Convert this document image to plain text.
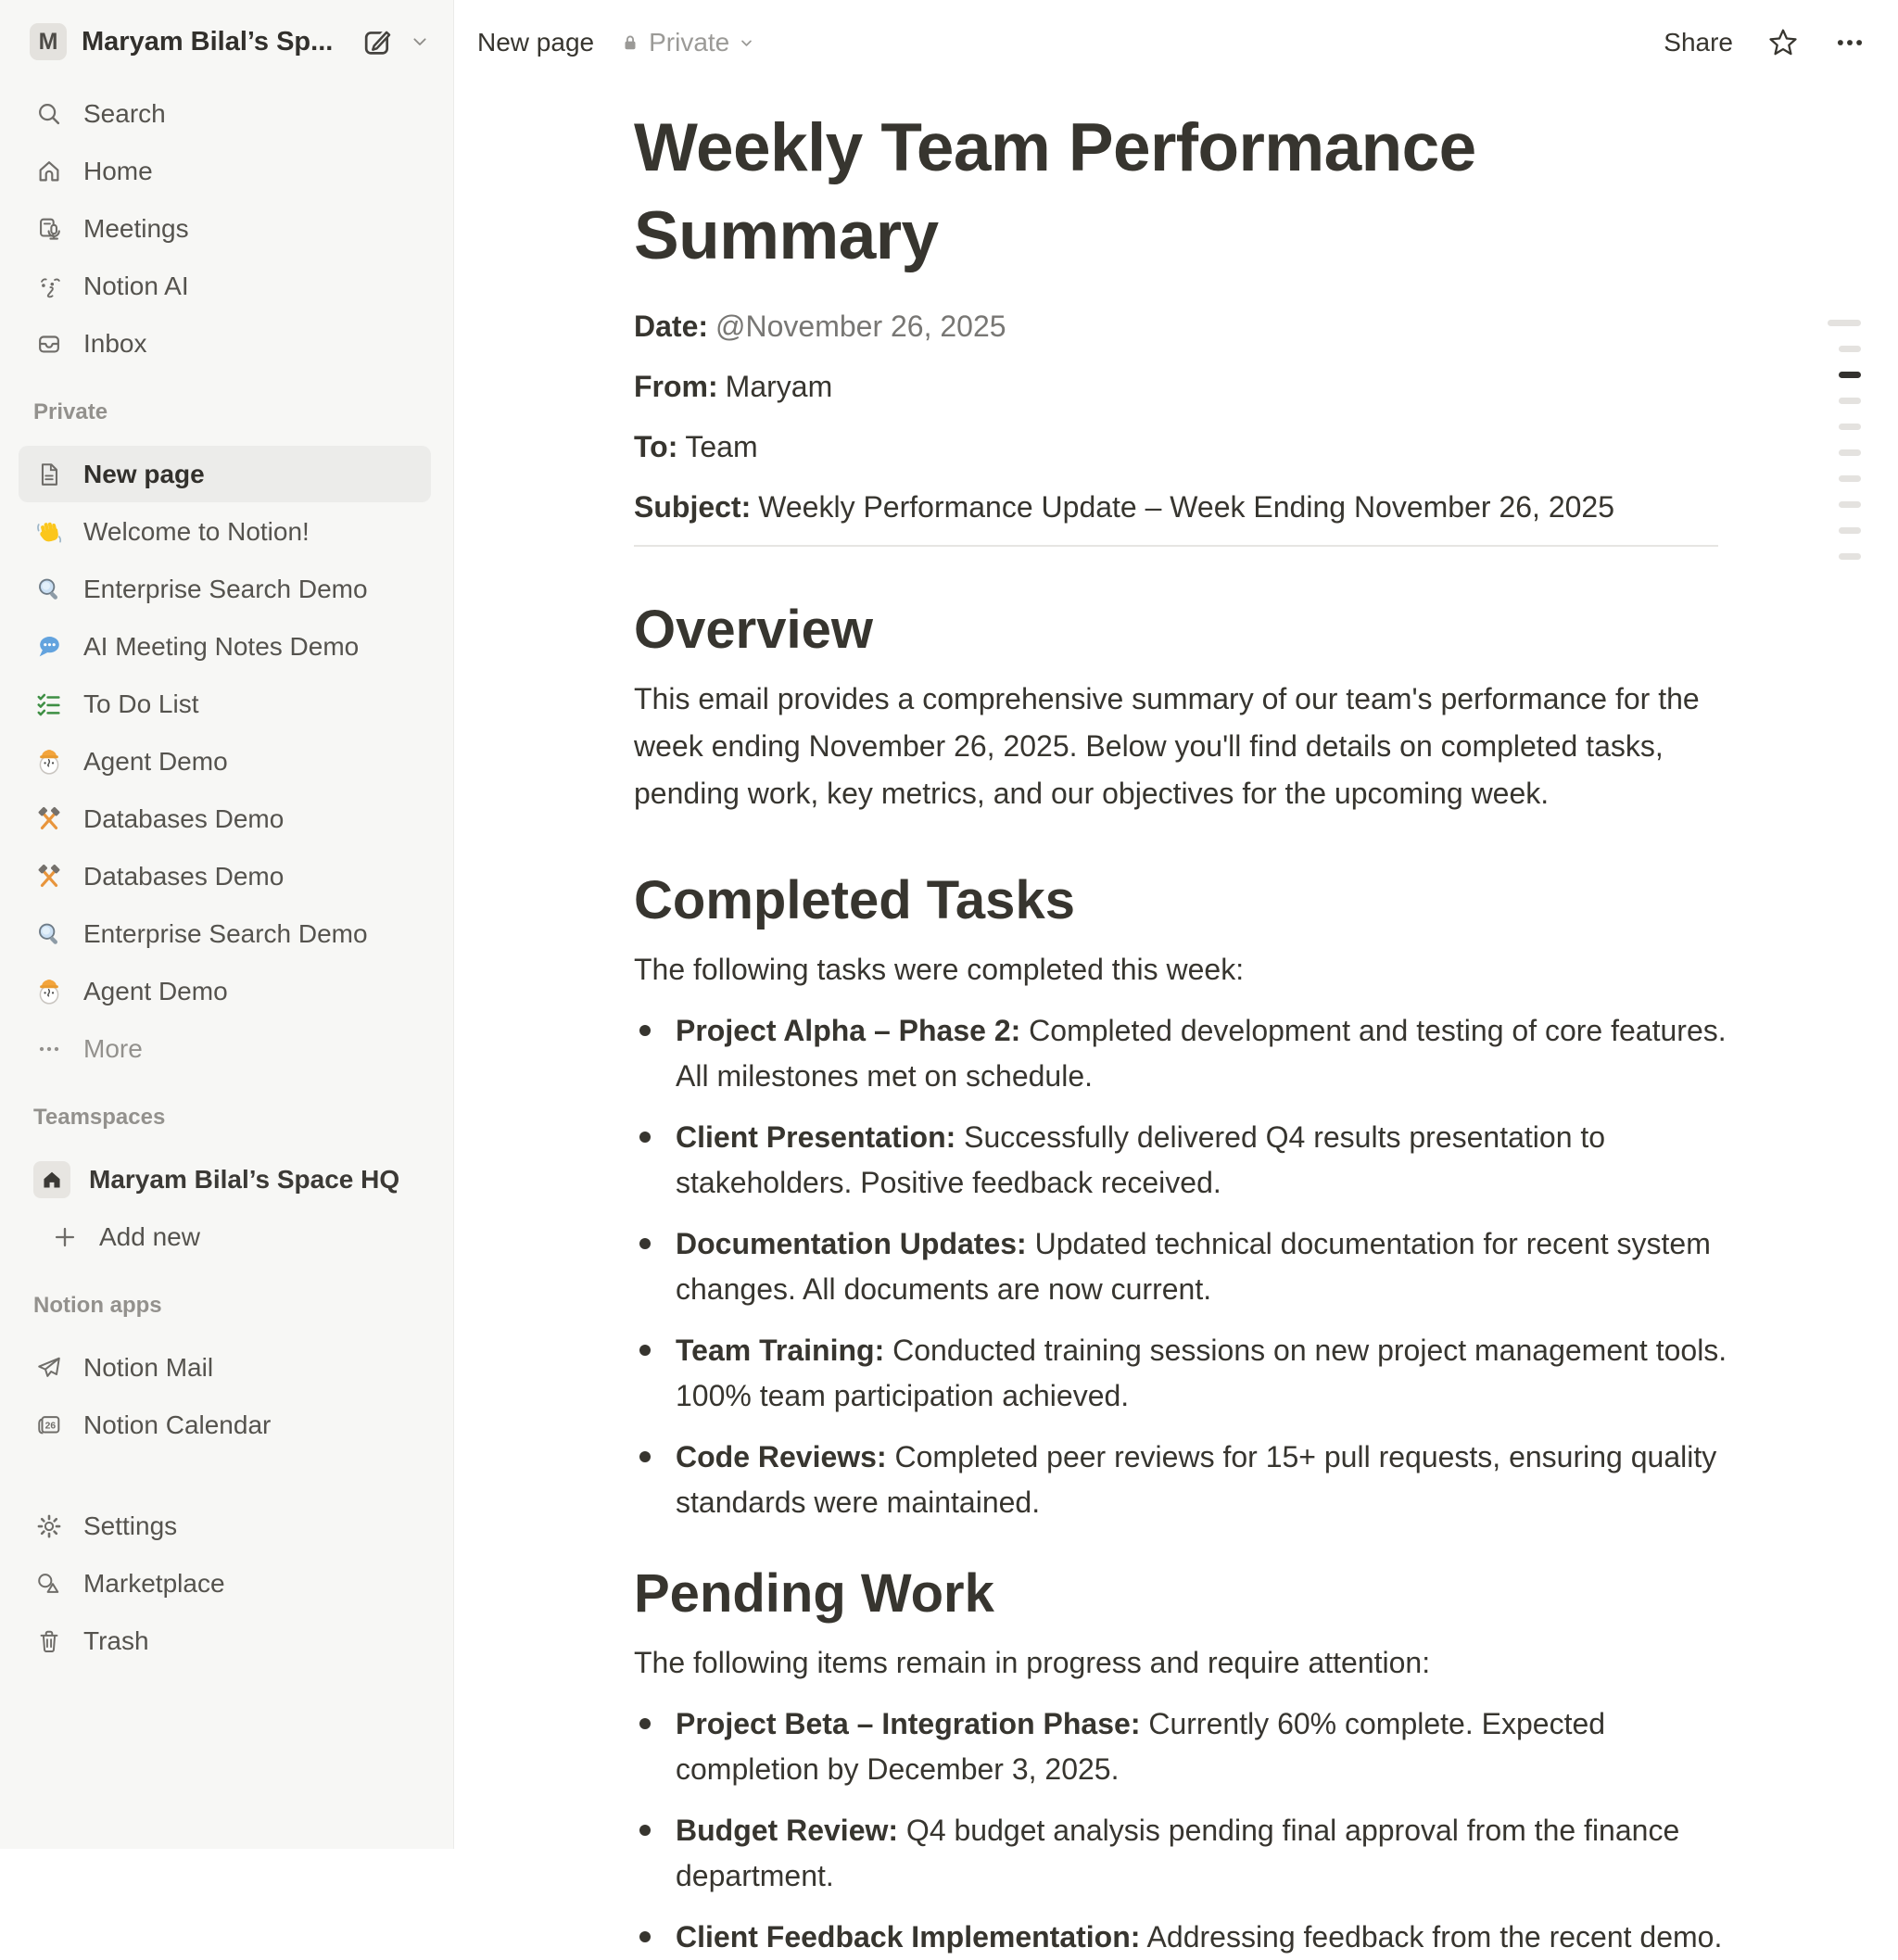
M Maryam Bilal’s Sp...
Search
Home
Meetings
Notion AI
Inbox
Private
New page
Welcome to Notion!
Enterprise Search Demo
AI Meeting Notes Demo
To Do List
Agent Demo
Databases Demo
Databases Demo
Enterprise Search Demo
Agent Demo
More
Teamspaces
Maryam Bilal’s Space HQ
Add new
Notion apps
Notion Mail
26 Notion Calendar
Settings
Marketplace
Trash
New page Private	Share
Weekly Team Performance Summary
Date: @November 26, 2025
From: Maryam
To: Team
Subject: Weekly Performance Update – Week Ending November 26, 2025
Overview

This email provides a comprehensive summary of our team's performance for the week ending November 26, 2025. Below you'll find details on completed tasks, pending work, key metrics, and our objectives for the upcoming week.

Completed Tasks

The following tasks were completed this week:

Project Alpha – Phase 2: Completed development and testing of core features. All milestones met on schedule.
Client Presentation: Successfully delivered Q4 results presentation to stakeholders. Positive feedback received.
Documentation Updates: Updated technical documentation for recent system changes. All documents are now current.
Team Training: Conducted training sessions on new project management tools. 100% team participation achieved.
Code Reviews: Completed peer reviews for 15+ pull requests, ensuring quality standards were maintained.
Pending Work

The following items remain in progress and require attention:

Project Beta – Integration Phase: Currently 60% complete. Expected completion by December 3, 2025.
Budget Review: Q4 budget analysis pending final approval from the finance department.
Client Feedback Implementation: Addressing feedback from the recent demo.
